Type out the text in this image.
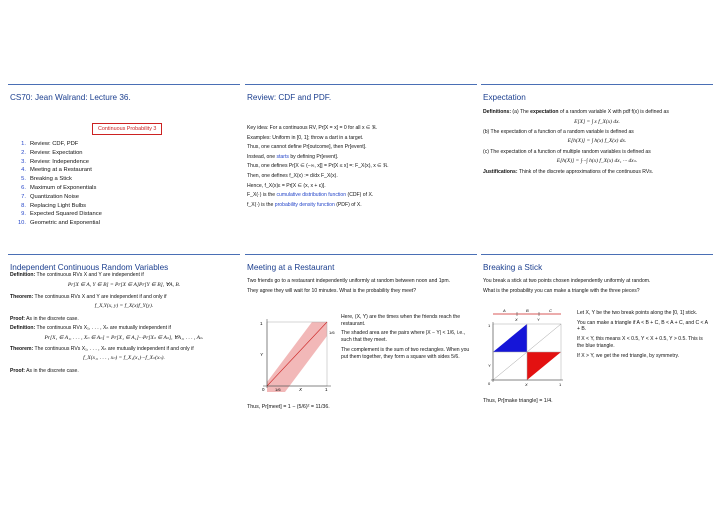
CS70: Jean Walrand: Lecture 36.
Continuous Probability 3
1. Review: CDF, PDF
2. Review: Expectation
3. Review: Independence
4. Meeting at a Restaurant
5. Breaking a Stick
6. Maximum of Exponentials
7. Quantization Noise
8. Replacing Light Bulbs
9. Expected Squared Distance
10. Geometric and Exponential
Review: CDF and PDF.

Key idea: For a continuous RV, Pr[X = x] = 0 for all x ∈ ℜ.

Examples: Uniform in [0, 1]; throw a dart in a target.

Thus, one cannot define Pr[outcome], then Pr[event].

Instead, one starts by defining Pr[event].

Thus, one defines Pr[X ∈ (−∞, x]] = Pr[X ≤ x] =: F_X(x), x ∈ ℜ.

Then, one defines f_X(x) := d/dx F_X(x).

Hence, f_X(x)ε = Pr[X ∈ (x, x + ε)].

F_X(·) is the cumulative distribution function (CDF) of X.

f_X(·) is the probability density function (PDF) of X.

Expectation

Definitions: (a) The expectation of a random variable X with pdf f(x) is defined as

E[X] = ∫ x f_X(x) dx.

(b) The expectation of a function of a random variable is defined as

E[h(X)] = ∫ h(x) f_X(x) dx.

(c) The expectation of a function of multiple random variables is defined as

E[h(X)] = ∫···∫ h(x) f_X(x) dx₁ ··· dxₙ.

Justifications: Think of the discrete approximations of the continuous RVs.

Independent Continuous Random Variables

Definition: The continuous RVs X and Y are independent if

Pr[X ∈ A, Y ∈ B] = Pr[X ∈ A]Pr[Y ∈ B], ∀A, B.

Theorem: The continuous RVs X and Y are independent if and only if

f_X,Y(x, y) = f_X(x)f_Y(y).

Proof: As in the discrete case.

Definition: The continuous RVs X₁, . . . , Xₙ are mutually independent if

Pr[X₁ ∈ A₁, . . . , Xₙ ∈ Aₙ] = Pr[X₁ ∈ A₁]···Pr[Xₙ ∈ Aₙ], ∀A₁, . . . , Aₙ.

Theorem: The continuous RVs X₁, . . . , Xₙ are mutually independent if and only if

f_X(x₁, . . . , xₙ) = f_X₁(x₁)···f_Xₙ(xₙ).

Proof: As in the discrete case.

Meeting at a Restaurant

Two friends go to a restaurant independently uniformly at random between noon and 1pm.

They agree they will wait for 10 minutes. What is the probability they meet?

1
Y
0	1/6	X	1
1/6

Here, (X, Y) are the times when the friends reach the restaurant.

The shaded area are the pairs where |X − Y| < 1/6, i.e., such that they meet.

The complement is the sum of two rectangles. When you put them together, they form a square with sides 5/6.

Thus, Pr[meet] = 1 − (5/6)² = 11/36.
Breaking a Stick

You break a stick at two points chosen independently uniformly at random.

What is the probability you can make a triangle with the three pieces?

A	B	C
X	Y
1
Y
0	X	1

Let X, Y be the two break points along the [0, 1] stick.

You can make a triangle if A < B + C, B < A + C, and C < A + B.

If X < Y, this means X < 0.5, Y < X + 0.5, Y > 0.5. This is the blue triangle.

If X > Y, we get the red triangle, by symmetry.

Thus, Pr[make triangle] = 1/4.
